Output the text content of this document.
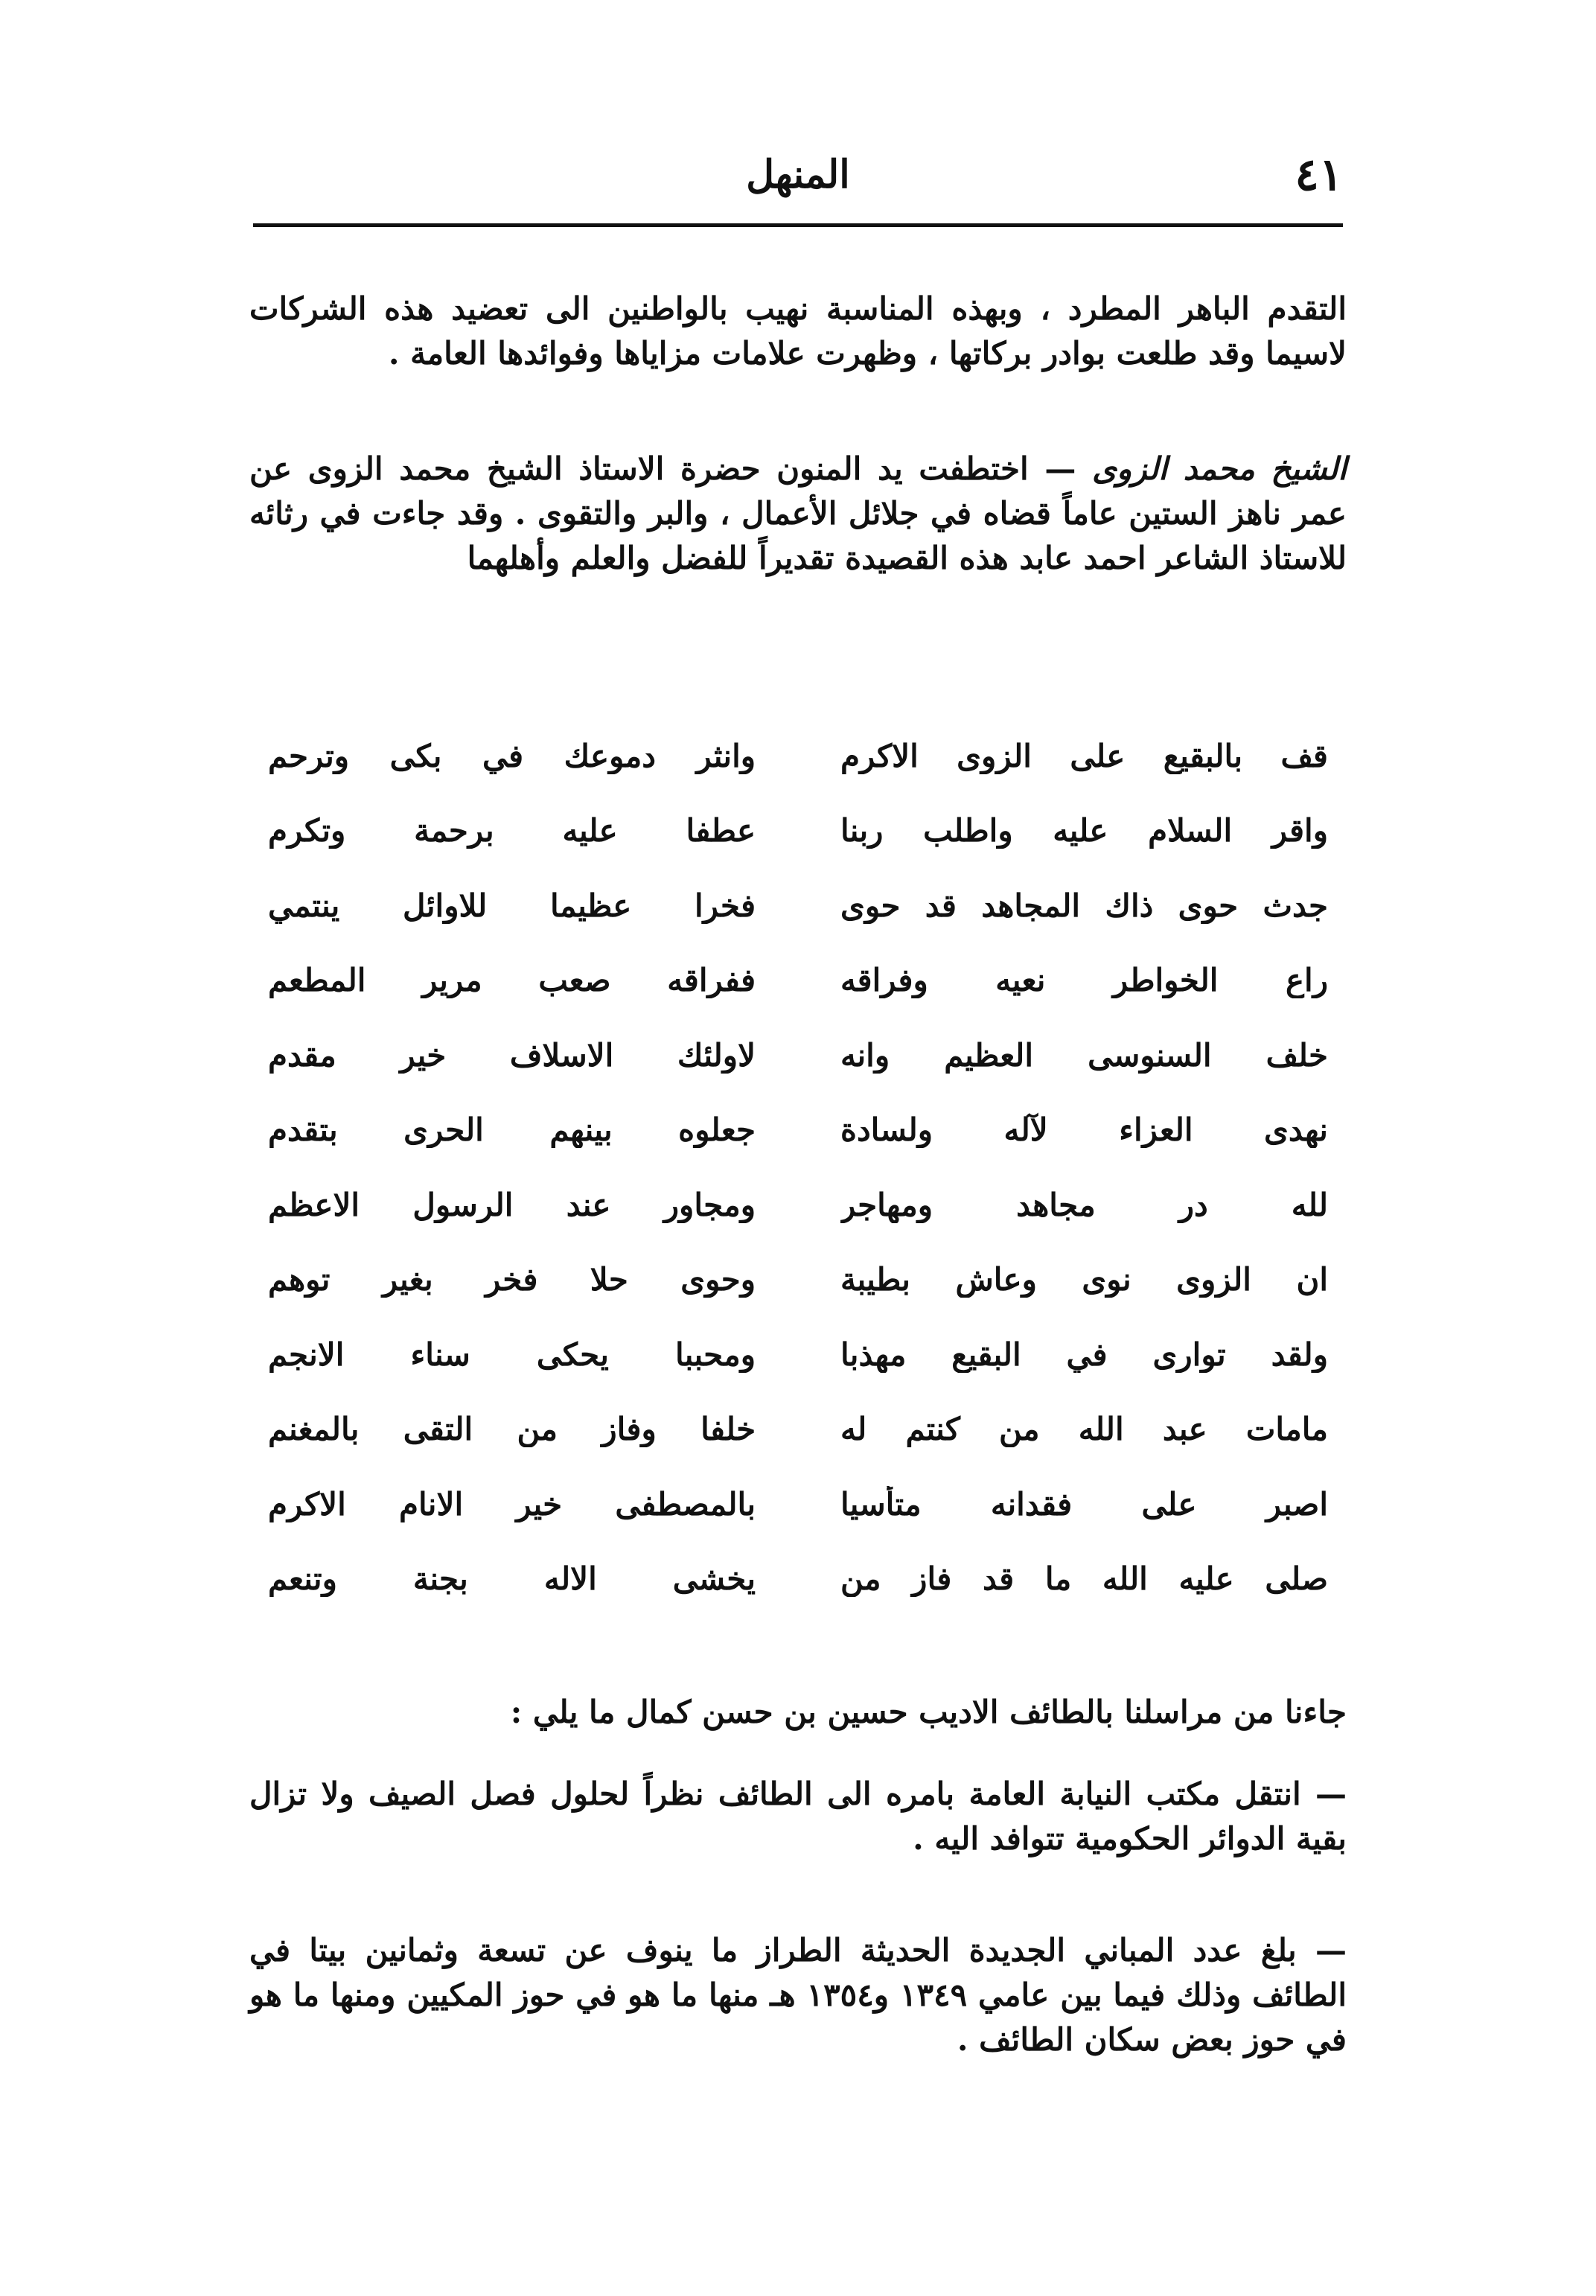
٤١
المنهل

التقدم الباهر المطرد ، وبهذه المناسبة نهيب بالواطنين الى تعضيد هذه الشركات لاسيما وقد طلعت بوادر بركاتها ، وظهرت علامات مزاياها وفوائدها العامة .

الشيخ محمد الزوى — اختطفت يد المنون حضرة الاستاذ الشيخ محمد الزوى عن عمر ناهز الستين عاماً قضاه في جلائل الأعمال ، والبر والتقوى . وقد جاءت في رثائه للاستاذ الشاعر احمد عابد هذه القصيدة تقديراً للفضل والعلم وأهلهما

قف بالبقيع على الزوى الاكرم
وانثر دموعك في بكى وترحم
واقر السلام عليه واطلب ربنا
عطفا عليه برحمة وتكرم
جدث حوى ذاك المجاهد قد حوى
فخرا عظيما للاوائل ينتمي
راع الخواطر نعيه وفراقه
ففراقه صعب مرير المطعم
خلف السنوسى العظيم وانه
لاولئك الاسلاف خير مقدم
نهدى العزاء لآله ولسادة
جعلوه بينهم الحرى بتقدم
لله در مجاهد ومهاجر
ومجاور عند الرسول الاعظم
ان الزوى نوى وعاش بطيبة
وحوى حلا فخر بغير توهم
ولقد توارى في البقيع مهذبا
ومحببا يحكى سناء الانجم
مامات عبد الله من كنتم له
خلفا وفاز من التقى بالمغنم
اصبر على فقدانه متأسيا
بالمصطفى خير الانام الاكرم
صلى عليه الله ما قد فاز من
يخشى الاله بجنة وتنعم

جاءنا من مراسلنا بالطائف الاديب حسين بن حسن كمال ما يلي :

— انتقل مكتب النيابة العامة بامره الى الطائف نظراً لحلول فصل الصيف ولا تزال بقية الدوائر الحكومية تتوافد اليه .

— بلغ عدد المباني الجديدة الحديثة الطراز ما ينوف عن تسعة وثمانين بيتا في الطائف وذلك فيما بين عامي ١٣٤٩ و١٣٥٤ هـ منها ما هو في حوز المكيين ومنها ما هو في حوز بعض سكان الطائف .
